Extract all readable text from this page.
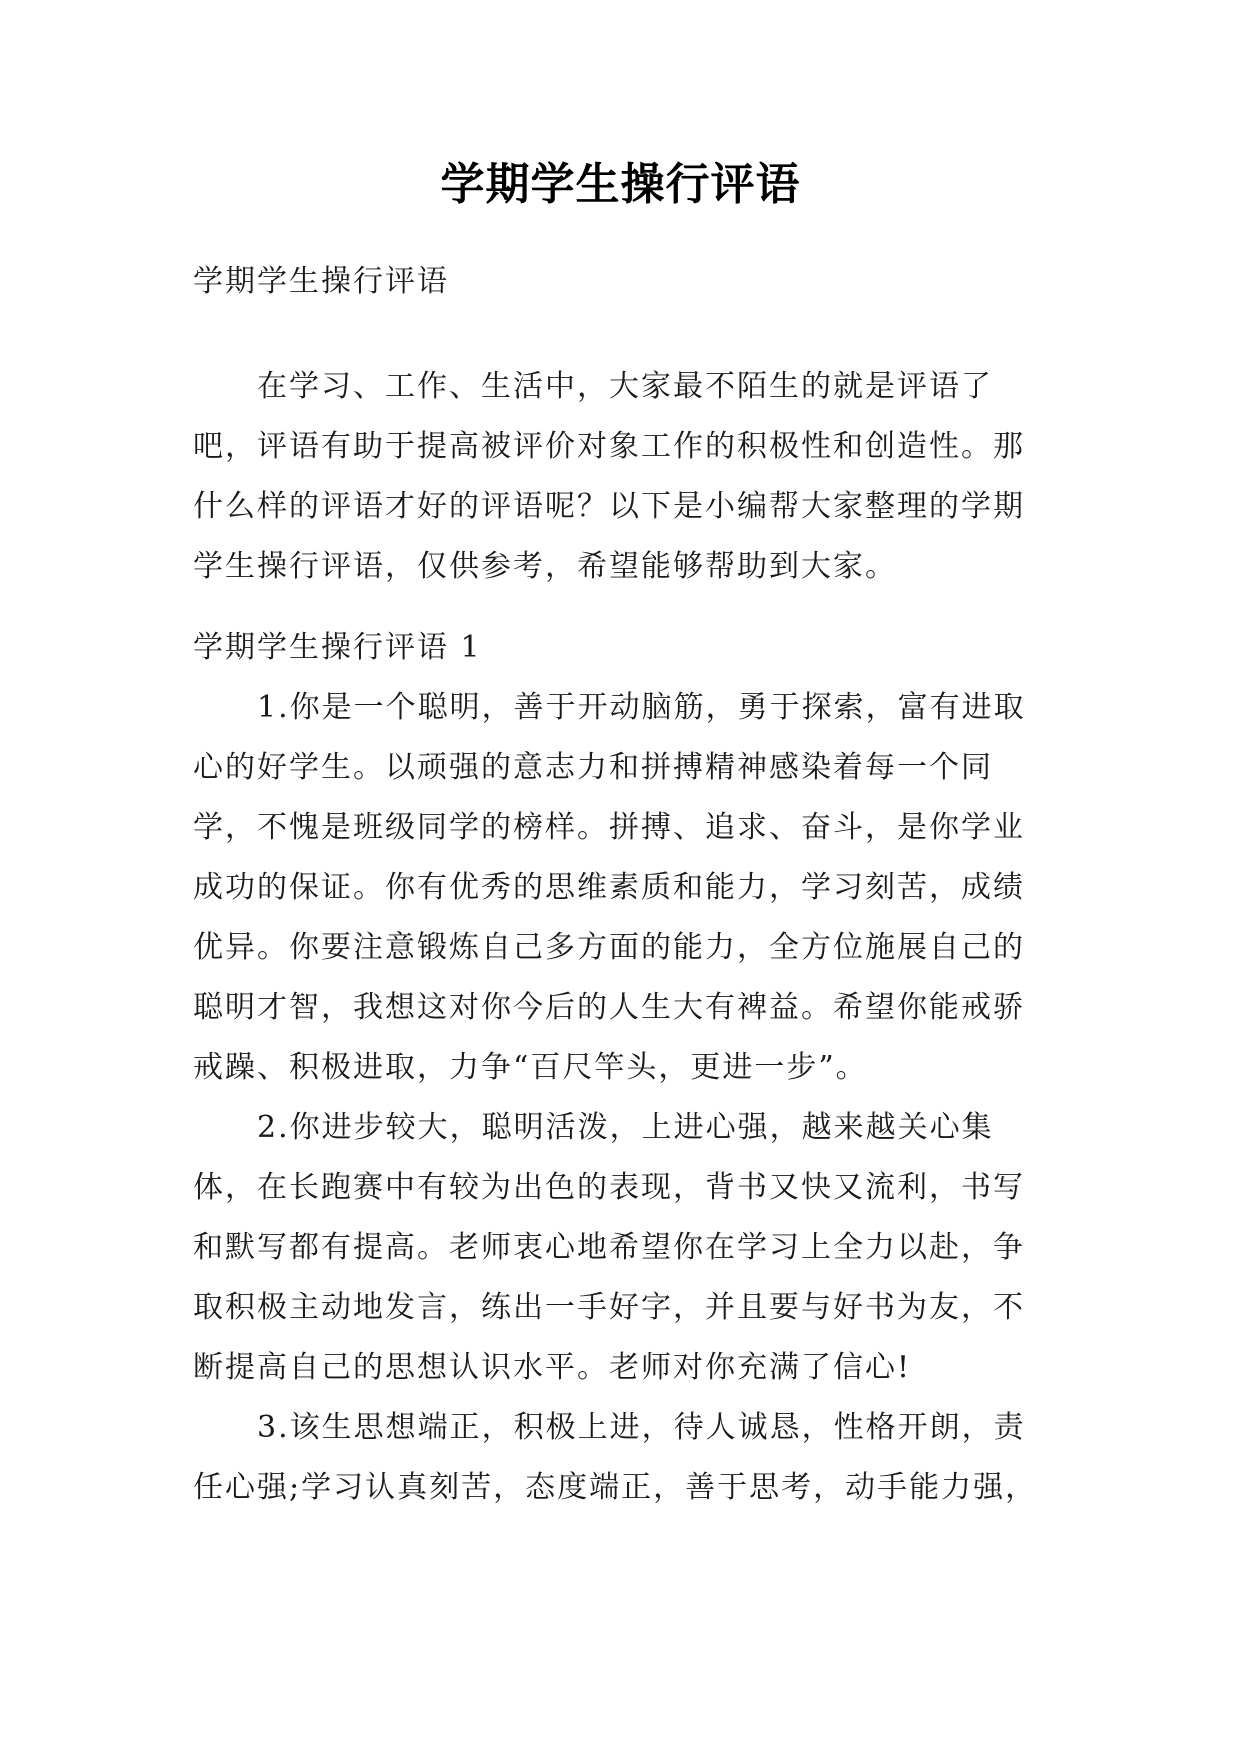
学期学生操行评语

学期学生操行评语

在学习、工作、生活中，大家最不陌生的就是评语了吧，评语有助于提高被评价对象工作的积极性和创造性。那什么样的评语才好的评语呢？以下是小编帮大家整理的学期学生操行评语，仅供参考，希望能够帮助到大家。

学期学生操行评语 1

1.你是一个聪明，善于开动脑筋，勇于探索，富有进取心的好学生。以顽强的意志力和拼搏精神感染着每一个同学，不愧是班级同学的榜样。拼搏、追求、奋斗，是你学业成功的保证。你有优秀的思维素质和能力，学习刻苦，成绩优异。你要注意锻炼自己多方面的能力，全方位施展自己的聪明才智，我想这对你今后的人生大有裨益。希望你能戒骄戒躁、积极进取，力争“百尺竿头，更进一步”。

2.你进步较大，聪明活泼，上进心强，越来越关心集体，在长跑赛中有较为出色的表现，背书又快又流利，书写和默写都有提高。老师衷心地希望你在学习上全力以赴，争取积极主动地发言，练出一手好字，并且要与好书为友，不断提高自己的思想认识水平。老师对你充满了信心!

3.该生思想端正，积极上进，待人诚恳，性格开朗，责任心强;学习认真刻苦，态度端正，善于思考，动手能力强，
